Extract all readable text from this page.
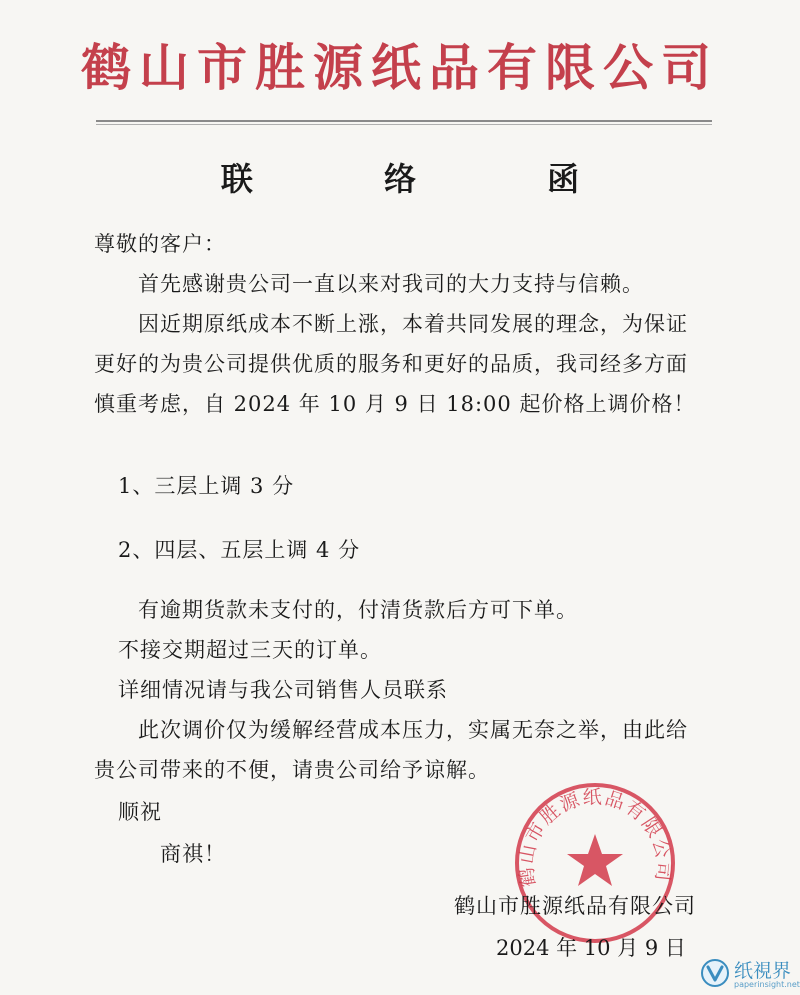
鹤山市胜源纸品有限公司
联 络 函
尊敬的客户：
首先感谢贵公司一直以来对我司的大力支持与信赖。
因近期原纸成本不断上涨，本着共同发展的理念，为保证
更好的为贵公司提供优质的服务和更好的品质，我司经多方面
慎重考虑，自 2024 年 10 月 9 日 18:00 起价格上调价格！
1、三层上调 3 分
2、四层、五层上调 4 分
有逾期货款未支付的，付清货款后方可下单。
不接交期超过三天的订单。
详细情况请与我公司销售人员联系
此次调价仅为缓解经营成本压力，实属无奈之举，由此给
贵公司带来的不便，请贵公司给予谅解。
顺祝
商祺！
鹤山市胜源纸品有限公司
鹤山市胜源纸品有限公司
2024 年 10 月 9 日
纸視界
paperinsight.net
